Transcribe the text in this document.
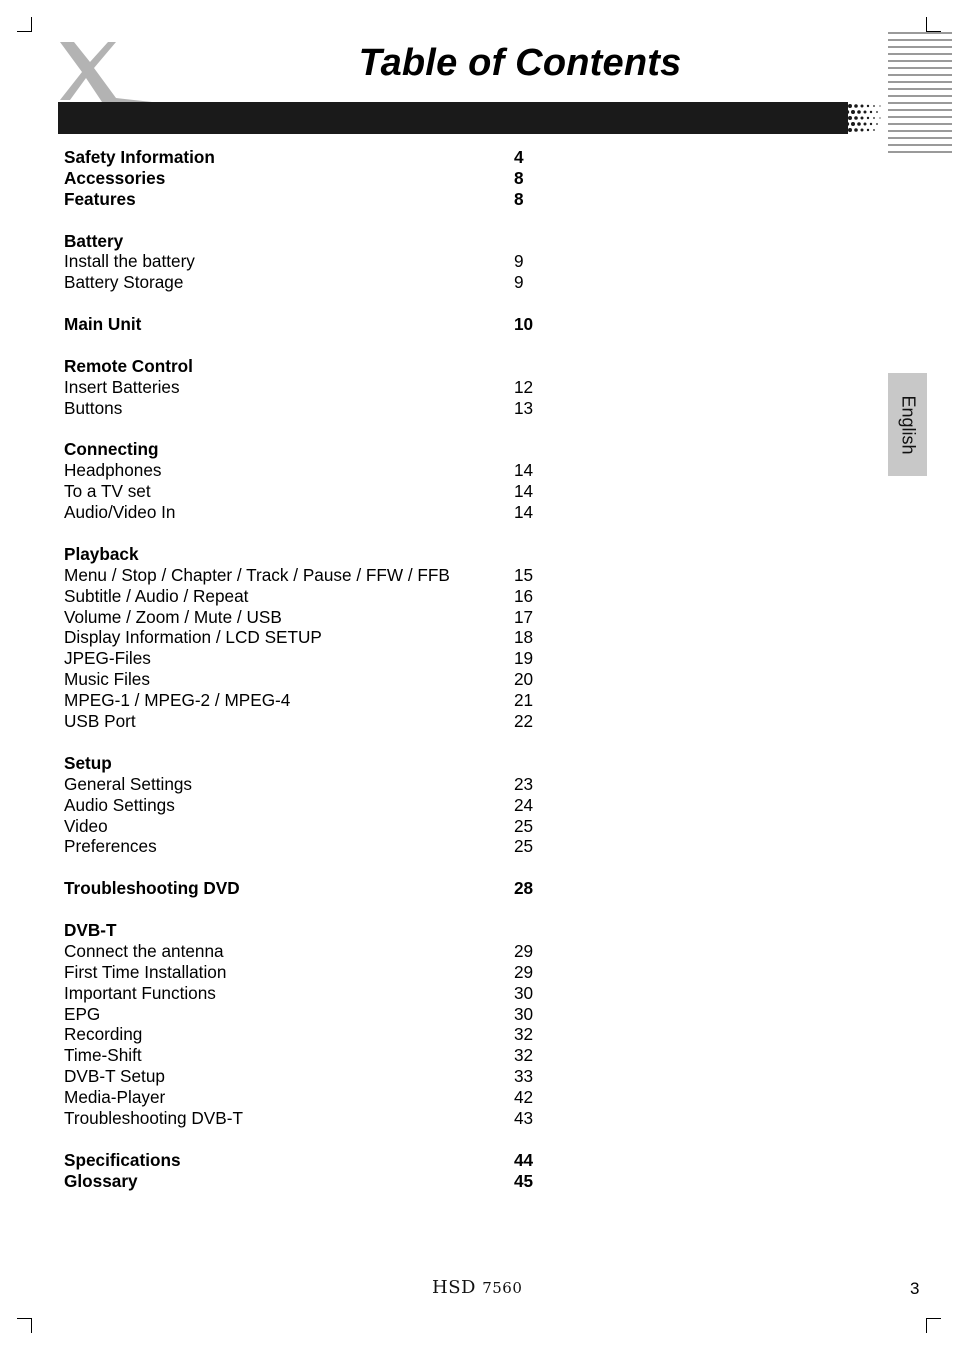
Table of Contents
English
Safety Information	4
Accessories	8
Features	8
Battery
Install the battery	9
Battery Storage	9
Main Unit	10
Remote Control
Insert Batteries	12
Buttons	13
Connecting
Headphones	14
To a TV set	14
Audio/Video In	14
Playback
Menu / Stop / Chapter / Track / Pause / FFW / FFB	15
Subtitle / Audio / Repeat	16
Volume / Zoom / Mute / USB	17
Display Information / LCD SETUP	18
JPEG-Files	19
Music Files	20
MPEG-1 / MPEG-2 / MPEG-4	21
USB Port	22
Setup
General Settings	23
Audio Settings	24
Video	25
Preferences	25
Troubleshooting DVD	28
DVB-T
Connect the antenna	29
First Time Installation	29
Important Functions	30
EPG	30
Recording	32
Time-Shift	32
DVB-T Setup	33
Media-Player	42
Troubleshooting DVB-T	43
Specifications	44
Glossary	45
HSD 7560	3
